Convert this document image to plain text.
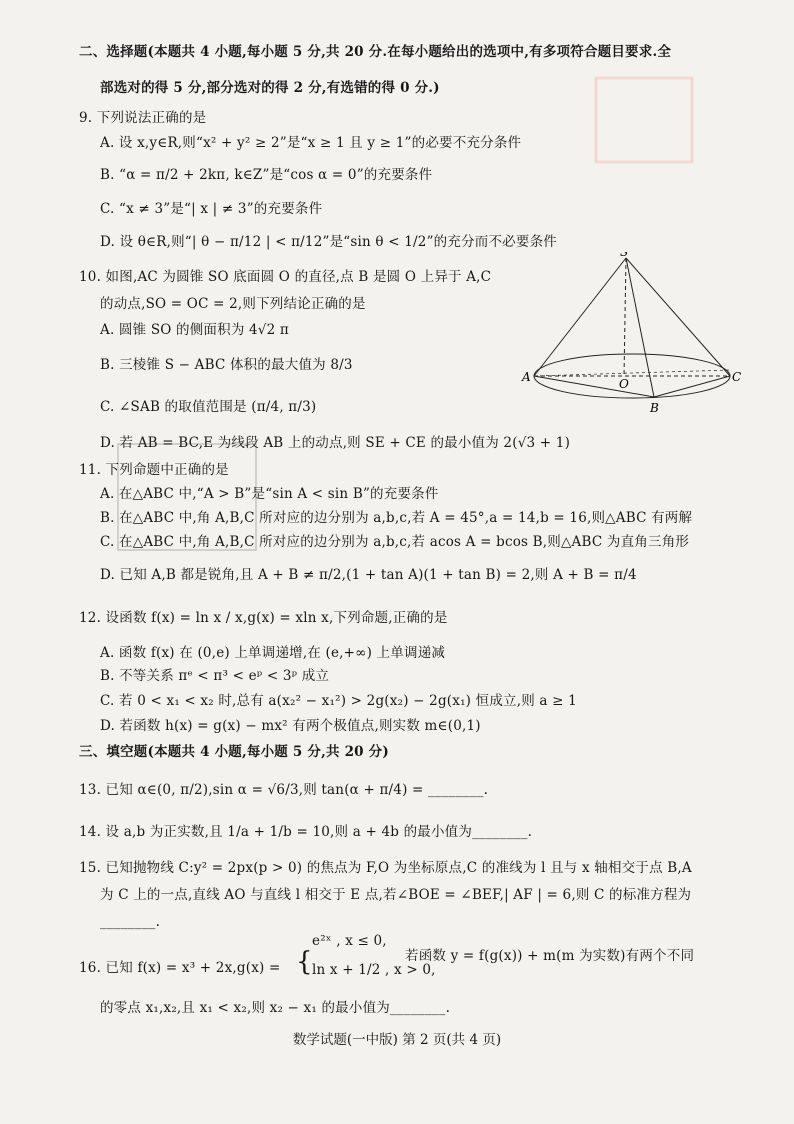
二、选择题(本题共 4 小题,每小题 5 分,共 20 分.在每小题给出的选项中,有多项符合题目要求.全
部选对的得 5 分,部分选对的得 2 分,有选错的得 0 分.)
9. 下列说法正确的是
A. 设 x,y∈R,则“x² + y² ≥ 2”是“x ≥ 1 且 y ≥ 1”的必要不充分条件
B. “α = π/2 + 2kπ, k∈Z”是“cos α = 0”的充要条件
C. “x ≠ 3”是“| x | ≠ 3”的充要条件
D. 设 θ∈R,则“| θ − π/12 | < π/12”是“sin θ < 1/2”的充分而不必要条件
10. 如图,AC 为圆锥 SO 底面圆 O 的直径,点 B 是圆 O 上异于 A,C
的动点,SO = OC = 2,则下列结论正确的是
A. 圆锥 SO 的侧面积为 4√2 π
B. 三棱锥 S − ABC 体积的最大值为 8/3
C. ∠SAB 的取值范围是 (π/4, π/3)
D. 若 AB = BC,E 为线段 AB 上的动点,则 SE + CE 的最小值为 2(√3 + 1)
S
A	O
B
C
11. 下列命题中正确的是
A. 在△ABC 中,“A > B”是“sin A < sin B”的充要条件
B. 在△ABC 中,角 A,B,C 所对应的边分别为 a,b,c,若 A = 45°,a = 14,b = 16,则△ABC 有两解
C. 在△ABC 中,角 A,B,C 所对应的边分别为 a,b,c,若 acos A = bcos B,则△ABC 为直角三角形
D. 已知 A,B 都是锐角,且 A + B ≠ π/2,(1 + tan A)(1 + tan B) = 2,则 A + B = π/4
12. 设函数 f(x) = ln x / x,g(x) = xln x,下列命题,正确的是
A. 函数 f(x) 在 (0,e) 上单调递增,在 (e,+∞) 上单调递减
B. 不等关系 πᵉ < π³ < eᵖ < 3ᵖ 成立
C. 若 0 < x₁ < x₂ 时,总有 a(x₂² − x₁²) > 2g(x₂) − 2g(x₁) 恒成立,则 a ≥ 1
D. 若函数 h(x) = g(x) − mx² 有两个极值点,则实数 m∈(0,1)
三、填空题(本题共 4 小题,每小题 5 分,共 20 分)
13. 已知 α∈(0, π/2),sin α = √6/3,则 tan(α + π/4) = ________.
14. 设 a,b 为正实数,且 1/a + 1/b = 10,则 a + 4b 的最小值为________.
15. 已知抛物线 C:y² = 2px(p > 0) 的焦点为 F,O 为坐标原点,C 的准线为 l 且与 x 轴相交于点 B,A
为 C 上的一点,直线 AO 与直线 l 相交于 E 点,若∠BOE = ∠BEF,| AF | = 6,则 C 的标准方程为
________.
16. 已知 f(x) = x³ + 2x,g(x) = {
e²ˣ , x ≤ 0,
ln x + 1/2 , x > 0,
若函数 y = f(g(x)) + m(m 为实数)有两个不同
的零点 x₁,x₂,且 x₁ < x₂,则 x₂ − x₁ 的最小值为________.
数学试题(一中版) 第 2 页(共 4 页)
